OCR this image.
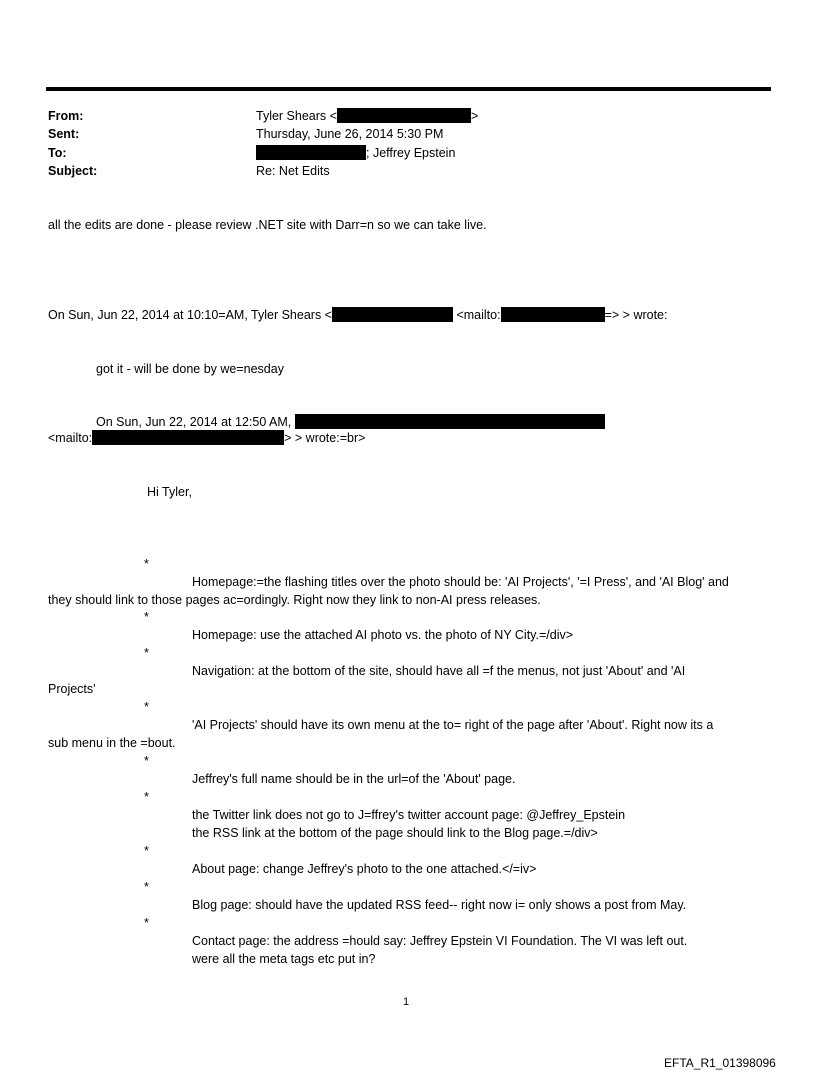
From:	Tyler Shears <	>
Sent:	Thursday, June 26, 2014 5:30 PM
To:	; Jeffrey Epstein
Subject:	Re: Net Edits
all the edits are done - please review .NET site with Darr=n so we can take live.
On Sun, Jun 22, 2014 at 10:10=AM, Tyler Shears <	<mailto:	=> > wrote:
got it - will be done by we=nesday
On Sun, Jun 22, 2014 at 12:50 AM,
<mailto:	> > wrote:=br>
Hi Tyler,
*
Homepage:=the flashing titles over the photo should be: 'AI Projects', '=I Press', and 'AI Blog' and
they should link to those pages ac=ordingly. Right now they link to non-AI press releases.
*
Homepage: use the attached AI photo vs. the photo of NY City.=/div>
*
Navigation: at the bottom of the site, should have all =f the menus, not just 'About' and 'AI
Projects'
*
'AI Projects' should have its own menu at the to= right of the page after 'About'. Right now its a
sub menu in the =bout.
*
Jeffrey's full name should be in the url=of the 'About' page.
*
the Twitter link does not go to J=ffrey's twitter account page: @Jeffrey_Epstein
the RSS link at the bottom of the page should link to the Blog page.=/div>
*
About page: change Jeffrey's photo to the one attached.</=iv>
*
Blog page: should have the updated RSS feed-- right now i= only shows a post from May.
*
Contact page: the address =hould say: Jeffrey Epstein VI Foundation. The VI was left out.
were all the meta tags etc put in?
1
EFTA_R1_01398096
